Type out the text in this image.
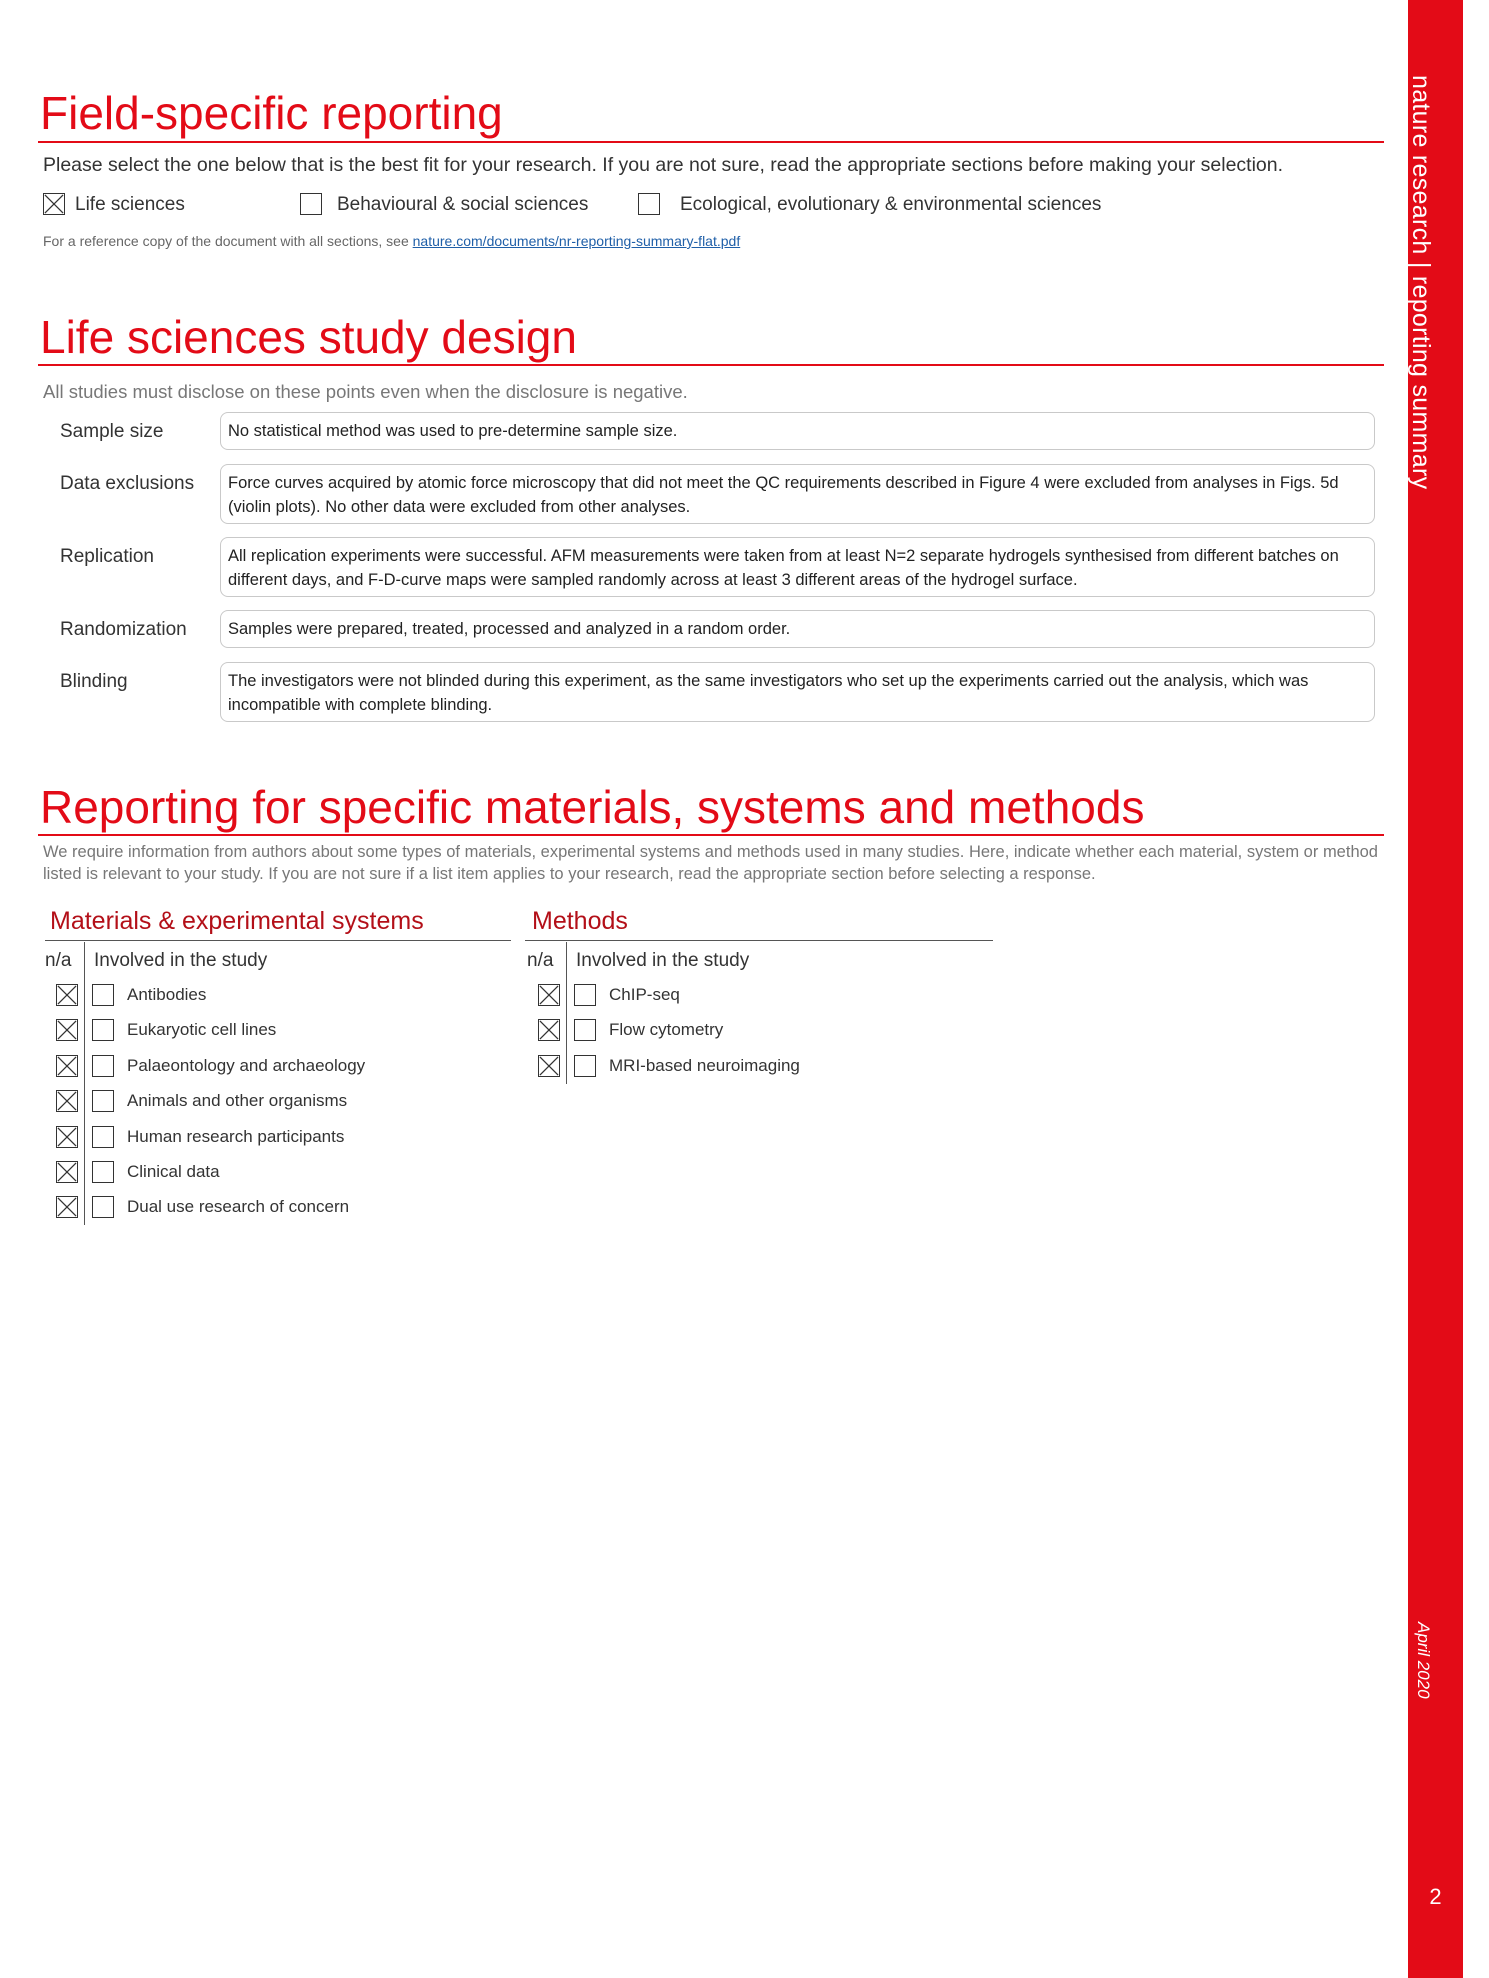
nature research | reporting summary
April 2020
2
Field-specific reporting

Please select the one below that is the best fit for your research. If you are not sure, read the appropriate sections before making your selection.

Life sciences	Behavioural & social sciences	Ecological, evolutionary & environmental sciences

For a reference copy of the document with all sections, see nature.com/documents/nr-reporting-summary-flat.pdf

Life sciences study design

All studies must disclose on these points even when the disclosure is negative.

Sample size	No statistical method was used to pre-determine sample size.
Data exclusions	Force curves acquired by atomic force microscopy that did not meet the QC requirements described in Figure 4 were excluded from analyses in Figs. 5d (violin plots). No other data were excluded from other analyses.
Replication	All replication experiments were successful. AFM measurements were taken from at least N=2 separate hydrogels synthesised from different batches on different days, and F-D-curve maps were sampled randomly across at least 3 different areas of the hydrogel surface.
Randomization	Samples were prepared, treated, processed and analyzed in a random order.
Blinding	The investigators were not blinded during this experiment, as the same investigators who set up the experiments carried out the analysis, which was incompatible with complete blinding.
Reporting for specific materials, systems and methods

We require information from authors about some types of materials, experimental systems and methods used in many studies. Here, indicate whether each material, system or method listed is relevant to your study. If you are not sure if a list item applies to your research, read the appropriate section before selecting a response.

Materials & experimental systems
n/a Involved in the study
Antibodies
Eukaryotic cell lines
Palaeontology and archaeology
Animals and other organisms
Human research participants
Clinical data
Dual use research of concern
Methods
n/a Involved in the study
ChIP-seq
Flow cytometry
MRI-based neuroimaging
